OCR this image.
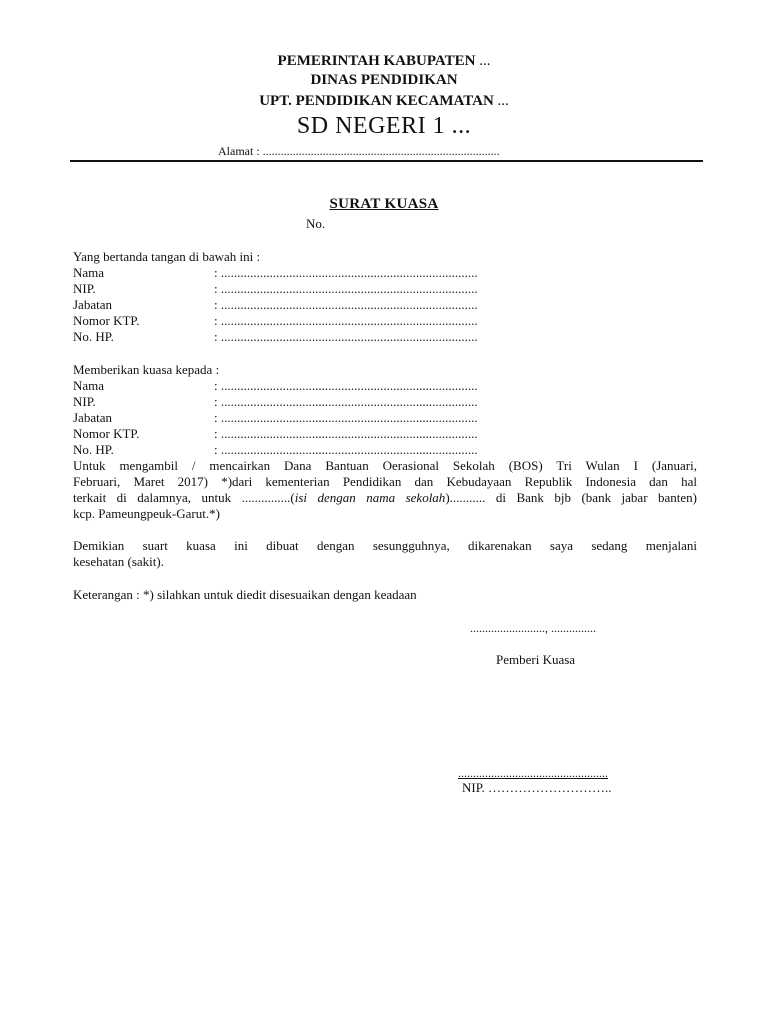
PEMERINTAH KABUPATEN ...
DINAS PENDIDIKAN
UPT. PENDIDIKAN KECAMATAN ...
SD NEGERI 1 ...
Alamat : ...............................................................................
SURAT KUASA
No.
Yang bertanda tangan di bawah ini :
Nama	: ...............................................................................
NIP.	: ...............................................................................
Jabatan	: ...............................................................................
Nomor KTP.	: ...............................................................................
No. HP.	: ...............................................................................
Memberikan kuasa kepada :
Nama	: ...............................................................................
NIP.	: ...............................................................................
Jabatan	: ...............................................................................
Nomor KTP.	: ...............................................................................
No. HP.	: ...............................................................................
Untuk mengambil / mencairkan Dana Bantuan Oerasional Sekolah (BOS) Tri Wulan I (Januari,
Februari, Maret 2017) *)dari kementerian Pendidikan dan Kebudayaan Republik Indonesia dan hal
terkait di dalamnya, untuk ...............(isi dengan nama sekolah)........... di Bank bjb (bank jabar banten)
kcp. Pameungpeuk-Garut.*)
Demikian suart kuasa ini dibuat dengan sesungguhnya, dikarenakan saya sedang menjalani
kesehatan (sakit).
Keterangan : *) silahkan untuk diedit disesuaikan dengan keadaan
........................., ...............
Pemberi Kuasa
..................................................
NIP. ………………………..
